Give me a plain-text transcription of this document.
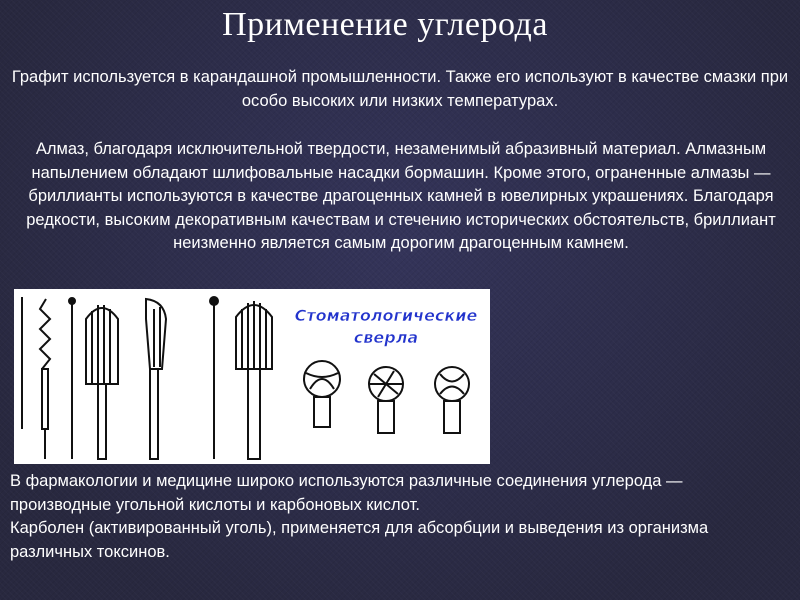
Применение углерода
Графит используется в карандашной промышленности. Также его используют в качестве смазки при особо высоких или низких температурах.
Алмаз, благодаря исключительной твердости, незаменимый абразивный материал. Алмазным напылением обладают шлифовальные насадки бормашин. Кроме этого, ограненные алмазы — бриллианты используются в качестве драгоценных камней в ювелирных украшениях. Благодаря редкости, высоким декоративным качествам и стечению исторических обстоятельств, бриллиант неизменно является самым дорогим драгоценным камнем.
Стоматологические
сверла
В фармакологии и медицине широко используются различные соединения углерода — производные угольной кислоты и карбоновых кислот.
Карболен (активированный уголь), применяется для абсорбции и выведения из организма различных токсинов.
